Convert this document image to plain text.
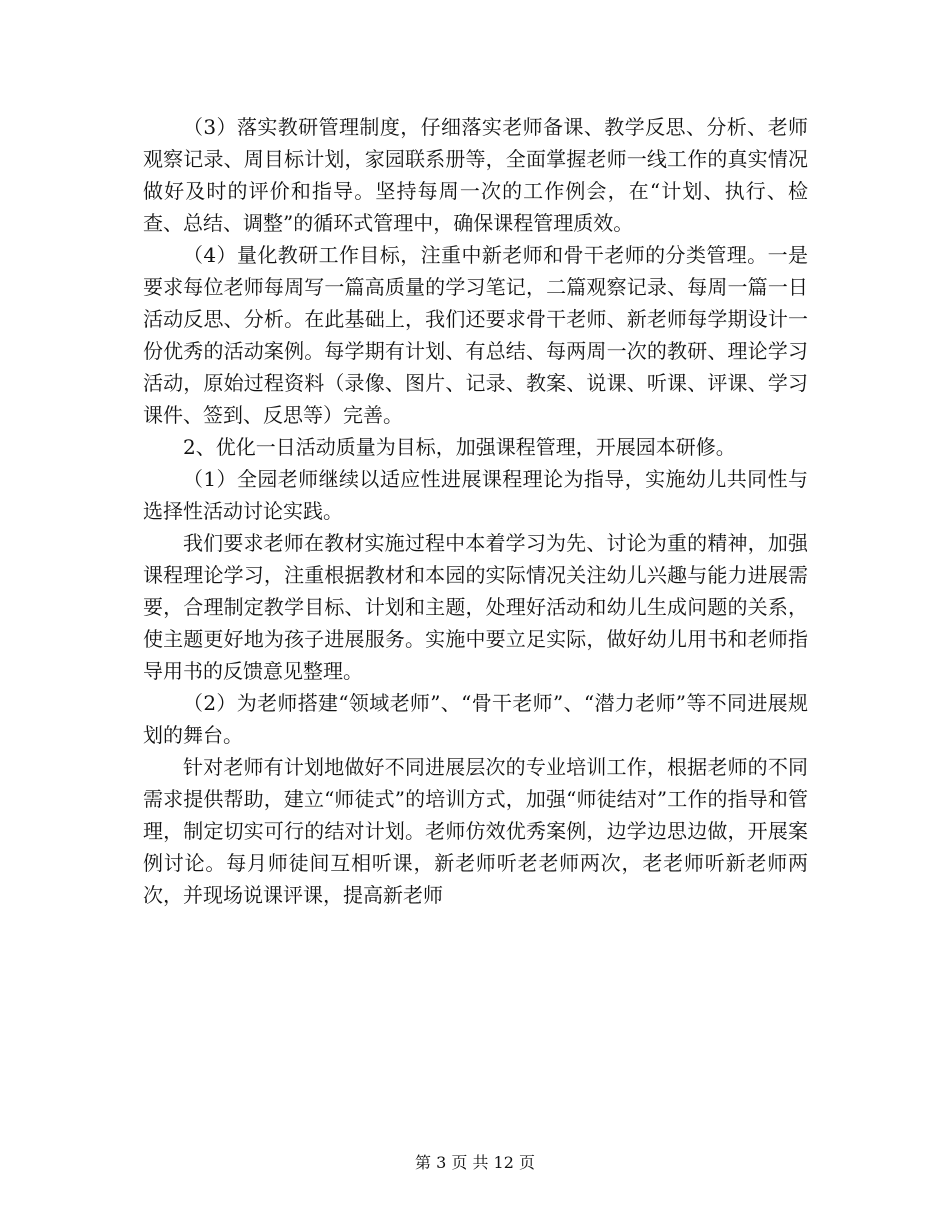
（3）落实教研管理制度，仔细落实老师备课、教学反思、分析、老师观察记录、周目标计划，家园联系册等，全面掌握老师一线工作的真实情况做好及时的评价和指导。坚持每周一次的工作例会，在“计划、执行、检查、总结、调整”的循环式管理中，确保课程管理质效。

（4）量化教研工作目标，注重中新老师和骨干老师的分类管理。一是要求每位老师每周写一篇高质量的学习笔记，二篇观察记录、每周一篇一日活动反思、分析。在此基础上，我们还要求骨干老师、新老师每学期设计一份优秀的活动案例。每学期有计划、有总结、每两周一次的教研、理论学习活动，原始过程资料（录像、图片、记录、教案、说课、听课、评课、学习课件、签到、反思等）完善。

2、优化一日活动质量为目标，加强课程管理，开展园本研修。

（1）全园老师继续以适应性进展课程理论为指导，实施幼儿共同性与选择性活动讨论实践。

我们要求老师在教材实施过程中本着学习为先、讨论为重的精神，加强课程理论学习，注重根据教材和本园的实际情况关注幼儿兴趣与能力进展需要，合理制定教学目标、计划和主题，处理好活动和幼儿生成问题的关系，使主题更好地为孩子进展服务。实施中要立足实际，做好幼儿用书和老师指导用书的反馈意见整理。

（2）为老师搭建“领域老师”、“骨干老师”、“潜力老师”等不同进展规划的舞台。

针对老师有计划地做好不同进展层次的专业培训工作，根据老师的不同需求提供帮助，建立“师徒式”的培训方式，加强“师徒结对”工作的指导和管理，制定切实可行的结对计划。老师仿效优秀案例，边学边思边做，开展案例讨论。每月师徒间互相听课，新老师听老老师两次，老老师听新老师两次，并现场说课评课，提高新老师

第 3 页 共 12 页
